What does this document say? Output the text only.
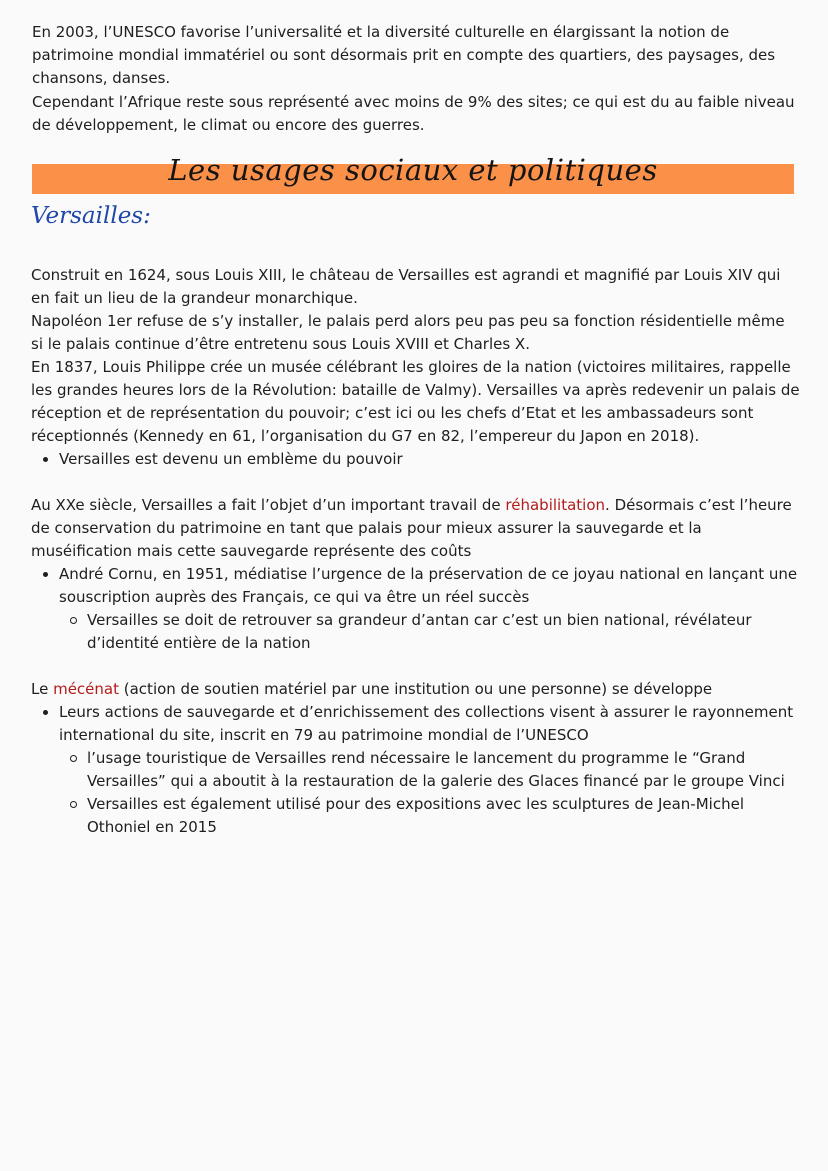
En 2003, l’UNESCO favorise l’universalité et la diversité culturelle en élargissant la notion de patrimoine mondial immatériel ou sont désormais prit en compte des quartiers, des paysages, des chansons, danses.

Cependant l’Afrique reste sous représenté avec moins de 9% des sites; ce qui est du au faible niveau de développement, le climat ou encore des guerres.

Les usages sociaux et politiques
Versailles:

Construit en 1624, sous Louis XIII, le château de Versailles est agrandi et magnifié par Louis XIV qui en fait un lieu de la grandeur monarchique.

Napoléon 1er refuse de s’y installer, le palais perd alors peu pas peu sa fonction résidentielle même si le palais continue d’être entretenu sous Louis XVIII et Charles X.

En 1837, Louis Philippe crée un musée célébrant les gloires de la nation (victoires militaires, rappelle les grandes heures lors de la Révolution: bataille de Valmy). Versailles va après redevenir un palais de réception et de représentation du pouvoir; c’est ici ou les chefs d’Etat et les ambassadeurs sont réceptionnés (Kennedy en 61, l’organisation du G7 en 82, l’empereur du Japon en 2018).

Versailles est devenu un emblème du pouvoir

Au XXe siècle, Versailles a fait l’objet d’un important travail de réhabilitation. Désormais c’est l’heure de conservation du patrimoine en tant que palais pour mieux assurer la sauvegarde et la muséification mais cette sauvegarde représente des coûts

André Cornu, en 1951, médiatise l’urgence de la préservation de ce joyau national en lançant une souscription auprès des Français, ce qui va être un réel succès
Versailles se doit de retrouver sa grandeur d’antan car c’est un bien national, révélateur d’identité entière de la nation

Le mécénat (action de soutien matériel par une institution ou une personne) se développe

Leurs actions de sauvegarde et d’enrichissement des collections visent à assurer le rayonnement international du site, inscrit en 79 au patrimoine mondial de l’UNESCO
l’usage touristique de Versailles rend nécessaire le lancement du programme le “Grand Versailles” qui a aboutit à la restauration de la galerie des Glaces financé par le groupe Vinci
Versailles est également utilisé pour des expositions avec les sculptures de Jean-Michel Othoniel en 2015
